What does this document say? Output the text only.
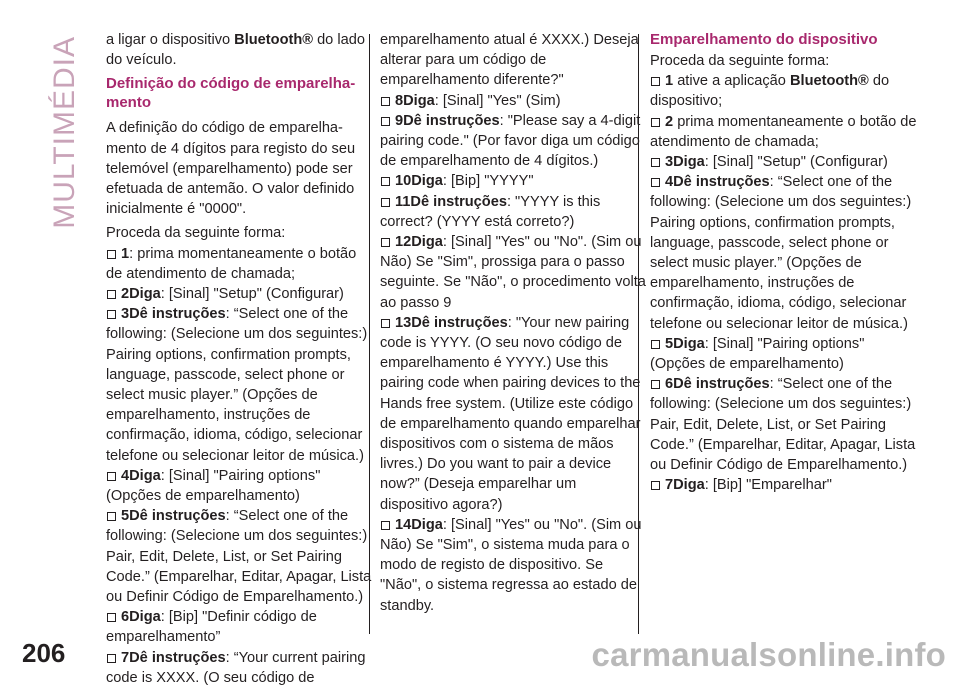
MULTIMÉDIA a ligar o dispositivo Bluetooth® do lado do veículo.

Definição do código de emparelha-mento

A definição do código de emparelha-mento de 4 dígitos para registo do seu telemóvel (emparelhamento) pode ser efetuada de antemão. O valor definido inicialmente é "0000".

Proceda da seguinte forma:

1: prima momentaneamente o botão de atendimento de chamada;
2Diga: [Sinal] "Setup" (Configurar)
3Dê instruções: “Select one of the following: (Selecione um dos seguintes:) Pairing options, confirmation prompts, language, passcode, select phone or select music player.” (Opções de emparelhamento, instruções de confirmação, idioma, código, selecionar telefone ou selecionar leitor de música.)
4Diga: [Sinal] "Pairing options" (Opções de emparelhamento)
5Dê instruções: “Select one of the following: (Selecione um dos seguintes:) Pair, Edit, Delete, List, or Set Pairing Code.” (Emparelhar, Editar, Apagar, Lista ou Definir Código de Emparelhamento.)
6Diga: [Bip] "Definir código de emparelhamento”
7Dê instruções: “Your current pairing code is XXXX. (O seu código de
emparelhamento atual é XXXX.) Deseja alterar para um código de emparelhamento diferente?"
8Diga: [Sinal] "Yes" (Sim)
9Dê instruções: "Please say a 4-digit pairing code." (Por favor diga um código de emparelhamento de 4 dígitos.)
10Diga: [Bip] "YYYY"
11Dê instruções: "YYYY is this correct? (YYYY está correto?)
12Diga: [Sinal] "Yes" ou "No". (Sim ou Não) Se "Sim", prossiga para o passo seguinte. Se "Não", o procedimento volta ao passo 9
13Dê instruções: "Your new pairing code is YYYY. (O seu novo código de emparelhamento é YYYY.) Use this pairing code when pairing devices to the Hands free system. (Utilize este código de emparelhamento quando emparelhar dispositivos com o sistema de mãos livres.) Do you want to pair a device now?” (Deseja emparelhar um dispositivo agora?)
14Diga: [Sinal] "Yes" ou "No". (Sim ou Não) Se "Sim", o sistema muda para o modo de registo de dispositivo. Se "Não", o sistema regressa ao estado de standby.
Emparelhamento do dispositivo
Proceda da seguinte forma:
1 ative a aplicação Bluetooth® do dispositivo;
2 prima momentaneamente o botão de atendimento de chamada;
3Diga: [Sinal] "Setup" (Configurar)
4Dê instruções: “Select one of the following: (Selecione um dos seguintes:) Pairing options, confirmation prompts, language, passcode, select phone or select music player.” (Opções de emparelhamento, instruções de confirmação, idioma, código, selecionar telefone ou selecionar leitor de música.)
5Diga: [Sinal] "Pairing options" (Opções de emparelhamento)
6Dê instruções: “Select one of the following: (Selecione um dos seguintes:) Pair, Edit, Delete, List, or Set Pairing Code.” (Emparelhar, Editar, Apagar, Lista ou Definir Código de Emparelhamento.)
7Diga: [Bip] "Emparelhar"
206	carmanualsonline.info
